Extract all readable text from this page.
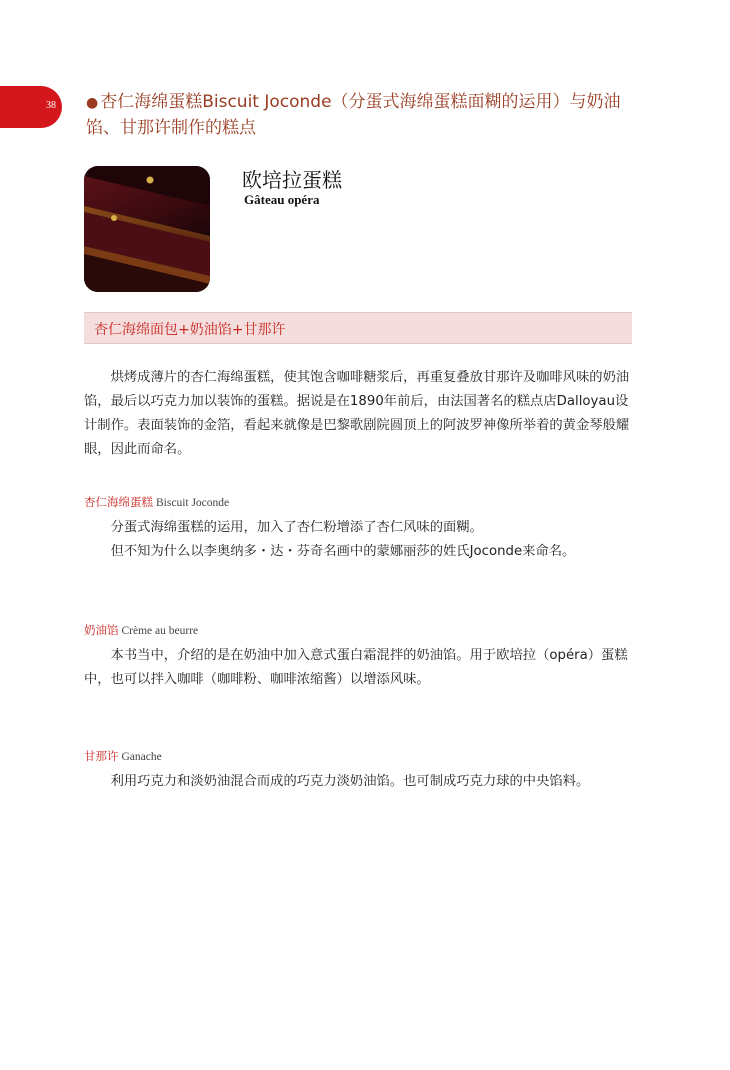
38 ● 杏仁海绵蛋糕Biscuit Joconde（分蛋式海绵蛋糕面糊的运用）与奶油馅、甘那许制作的糕点
欧培拉蛋糕
Gâteau opéra
杏仁海绵面包+奶油馅+甘那许

烘烤成薄片的杏仁海绵蛋糕，使其饱含咖啡糖浆后，再重复叠放甘那许及咖啡风味的奶油馅，最后以巧克力加以装饰的蛋糕。据说是在1890年前后，由法国著名的糕点店Dalloyau设计制作。表面装饰的金箔，看起来就像是巴黎歌剧院圆顶上的阿波罗神像所举着的黄金琴般耀眼，因此而命名。

杏仁海绵蛋糕 Biscuit Joconde

分蛋式海绵蛋糕的运用，加入了杏仁粉增添了杏仁风味的面糊。

但不知为什么以李奥纳多・达・芬奇名画中的蒙娜丽莎的姓氏Joconde来命名。

奶油馅 Crème au beurre

本书当中，介绍的是在奶油中加入意式蛋白霜混拌的奶油馅。用于欧培拉（opéra）蛋糕中，也可以拌入咖啡（咖啡粉、咖啡浓缩酱）以增添风味。

甘那许 Ganache

利用巧克力和淡奶油混合而成的巧克力淡奶油馅。也可制成巧克力球的中央馅料。
